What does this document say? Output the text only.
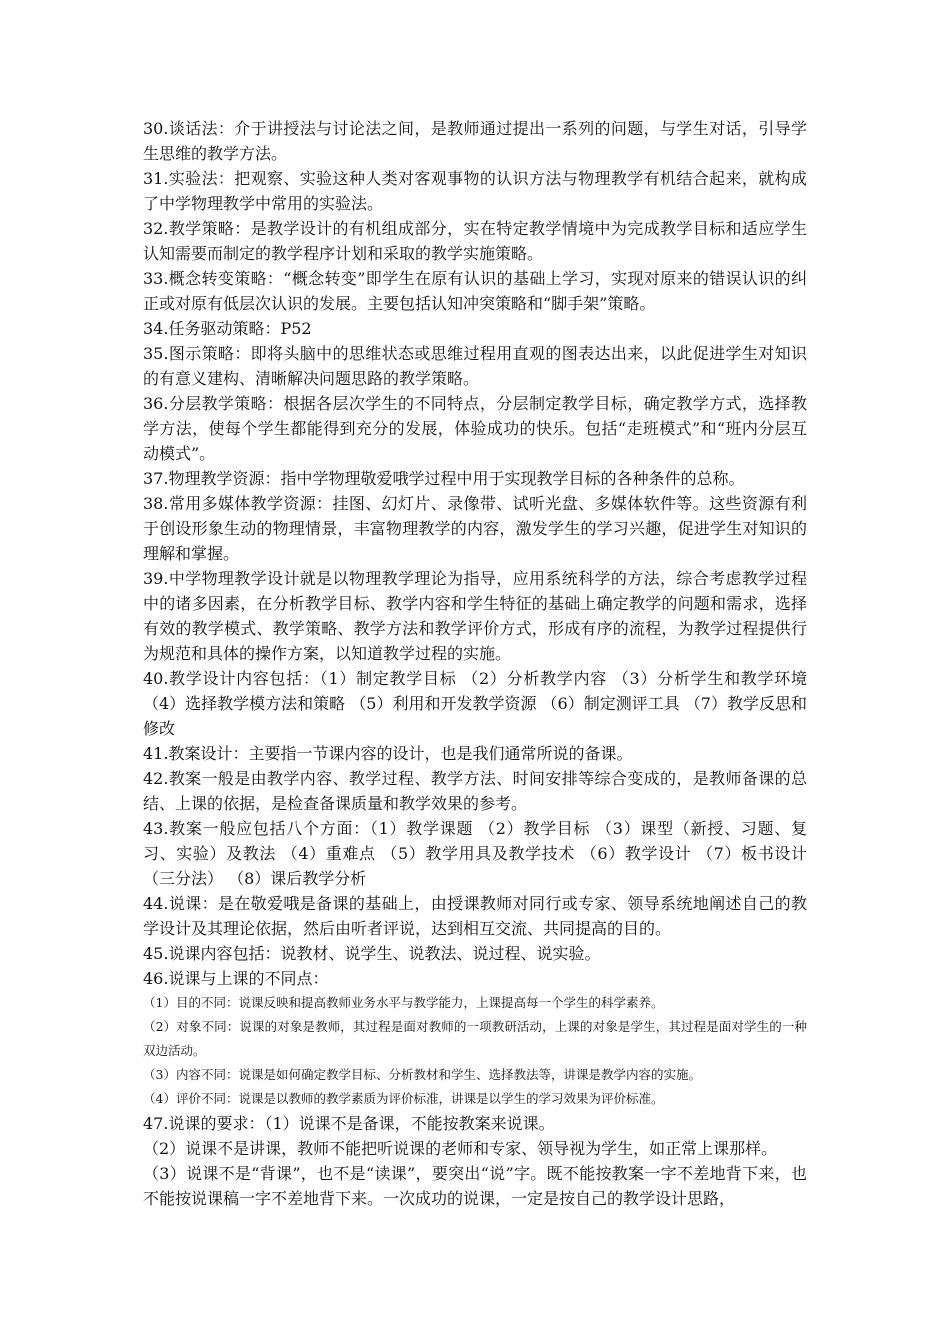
30.谈话法：介于讲授法与讨论法之间，是教师通过提出一系列的问题，与学生对话，引导学生思维的教学方法。

31.实验法：把观察、实验这种人类对客观事物的认识方法与物理教学有机结合起来，就构成了中学物理教学中常用的实验法。

32.教学策略：是教学设计的有机组成部分，实在特定教学情境中为完成教学目标和适应学生认知需要而制定的教学程序计划和采取的教学实施策略。

33.概念转变策略：“概念转变”即学生在原有认识的基础上学习，实现对原来的错误认识的纠正或对原有低层次认识的发展。主要包括认知冲突策略和“脚手架”策略。

34.任务驱动策略：P52

35.图示策略：即将头脑中的思维状态或思维过程用直观的图表达出来，以此促进学生对知识的有意义建构、清晰解决问题思路的教学策略。

36.分层教学策略：根据各层次学生的不同特点，分层制定教学目标，确定教学方式，选择教学方法，使每个学生都能得到充分的发展，体验成功的快乐。包括“走班模式”和“班内分层互动模式”。

37.物理教学资源：指中学物理敬爱哦学过程中用于实现教学目标的各种条件的总称。

38.常用多媒体教学资源：挂图、幻灯片、录像带、试听光盘、多媒体软件等。这些资源有利于创设形象生动的物理情景，丰富物理教学的内容，激发学生的学习兴趣，促进学生对知识的理解和掌握。

39.中学物理教学设计就是以物理教学理论为指导，应用系统科学的方法，综合考虑教学过程中的诸多因素，在分析教学目标、教学内容和学生特征的基础上确定教学的问题和需求，选择有效的教学模式、教学策略、教学方法和教学评价方式，形成有序的流程，为教学过程提供行为规范和具体的操作方案，以知道教学过程的实施。

40.教学设计内容包括：（1）制定教学目标 （2）分析教学内容 （3）分析学生和教学环境 （4）选择教学模方法和策略 （5）利用和开发教学资源 （6）制定测评工具 （7）教学反思和修改

41.教案设计：主要指一节课内容的设计，也是我们通常所说的备课。

42.教案一般是由教学内容、教学过程、教学方法、时间安排等综合变成的，是教师备课的总结、上课的依据，是检查备课质量和教学效果的参考。

43.教案一般应包括八个方面：（1）教学课题 （2）教学目标 （3）课型（新授、习题、复习、实验）及教法 （4）重难点 （5）教学用具及教学技术 （6）教学设计 （7）板书设计（三分法） （8）课后教学分析

44.说课：是在敬爱哦是备课的基础上，由授课教师对同行或专家、领导系统地阐述自己的教学设计及其理论依据，然后由听者评说，达到相互交流、共同提高的目的。

45.说课内容包括：说教材、说学生、说教法、说过程、说实验。

46.说课与上课的不同点：

（1）目的不同：说课反映和提高教师业务水平与教学能力，上课提高每一个学生的科学素养。

（2）对象不同：说课的对象是教师，其过程是面对教师的一项教研活动，上课的对象是学生，其过程是面对学生的一种双边活动。

（3）内容不同：说课是如何确定教学目标、分析教材和学生、选择教法等，讲课是教学内容的实施。

（4）评价不同：说课是以教师的教学素质为评价标准，讲课是以学生的学习效果为评价标准。

47.说课的要求：（1）说课不是备课，不能按教案来说课。

（2）说课不是讲课，教师不能把听说课的老师和专家、领导视为学生，如正常上课那样。

（3）说课不是“背课”，也不是“读课”，要突出“说”字。既不能按教案一字不差地背下来，也不能按说课稿一字不差地背下来。一次成功的说课，一定是按自己的教学设计思路，
